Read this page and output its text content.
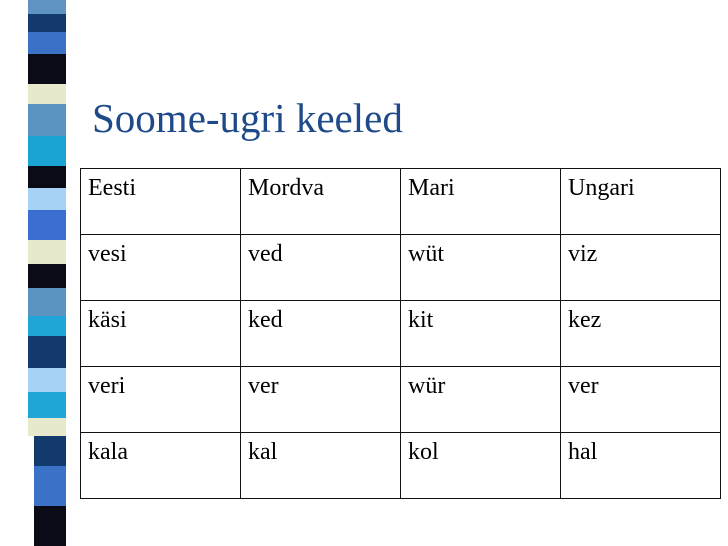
Soome-ugri keeled
Eesti	Mordva	Mari	Ungari
vesi	ved	wüt	viz
käsi	ked	kit	kez
veri	ver	wür	ver
kala	kal	kol	hal
